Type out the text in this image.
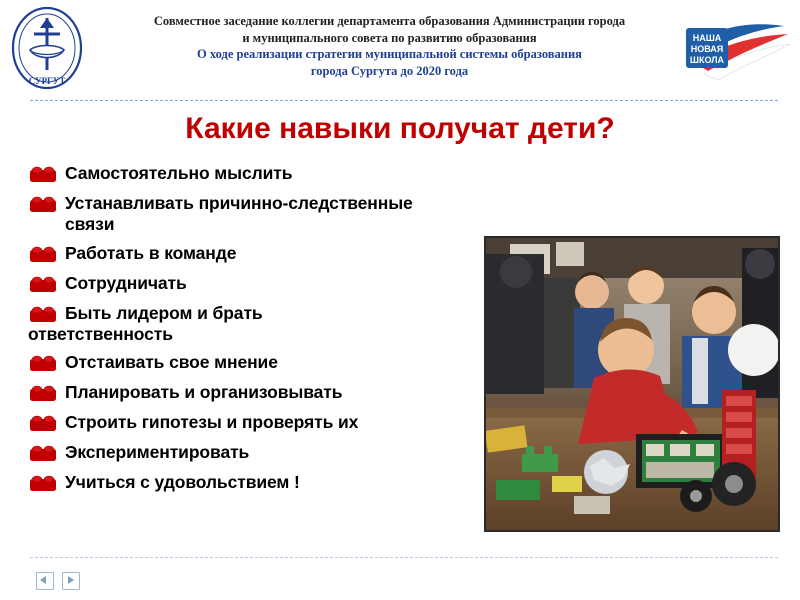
СУРГУТ
Совместное заседание коллегии департамента образования Администрации города
и муниципального совета по развитию образования
О ходе реализации стратегии муниципальной системы образования
города Сургута до 2020 года
НАША
НОВАЯ
ШКОЛА
Какие навыки получат дети?
Самостоятельно мыслить
Устанавливать причинно-следственные
связи
Работать в команде
Сотрудничать
Быть лидером и брать
ответственность
Отстаивать свое мнение
Планировать и организовывать
Строить гипотезы и проверять их
Экспериментировать
Учиться с удовольствием !
